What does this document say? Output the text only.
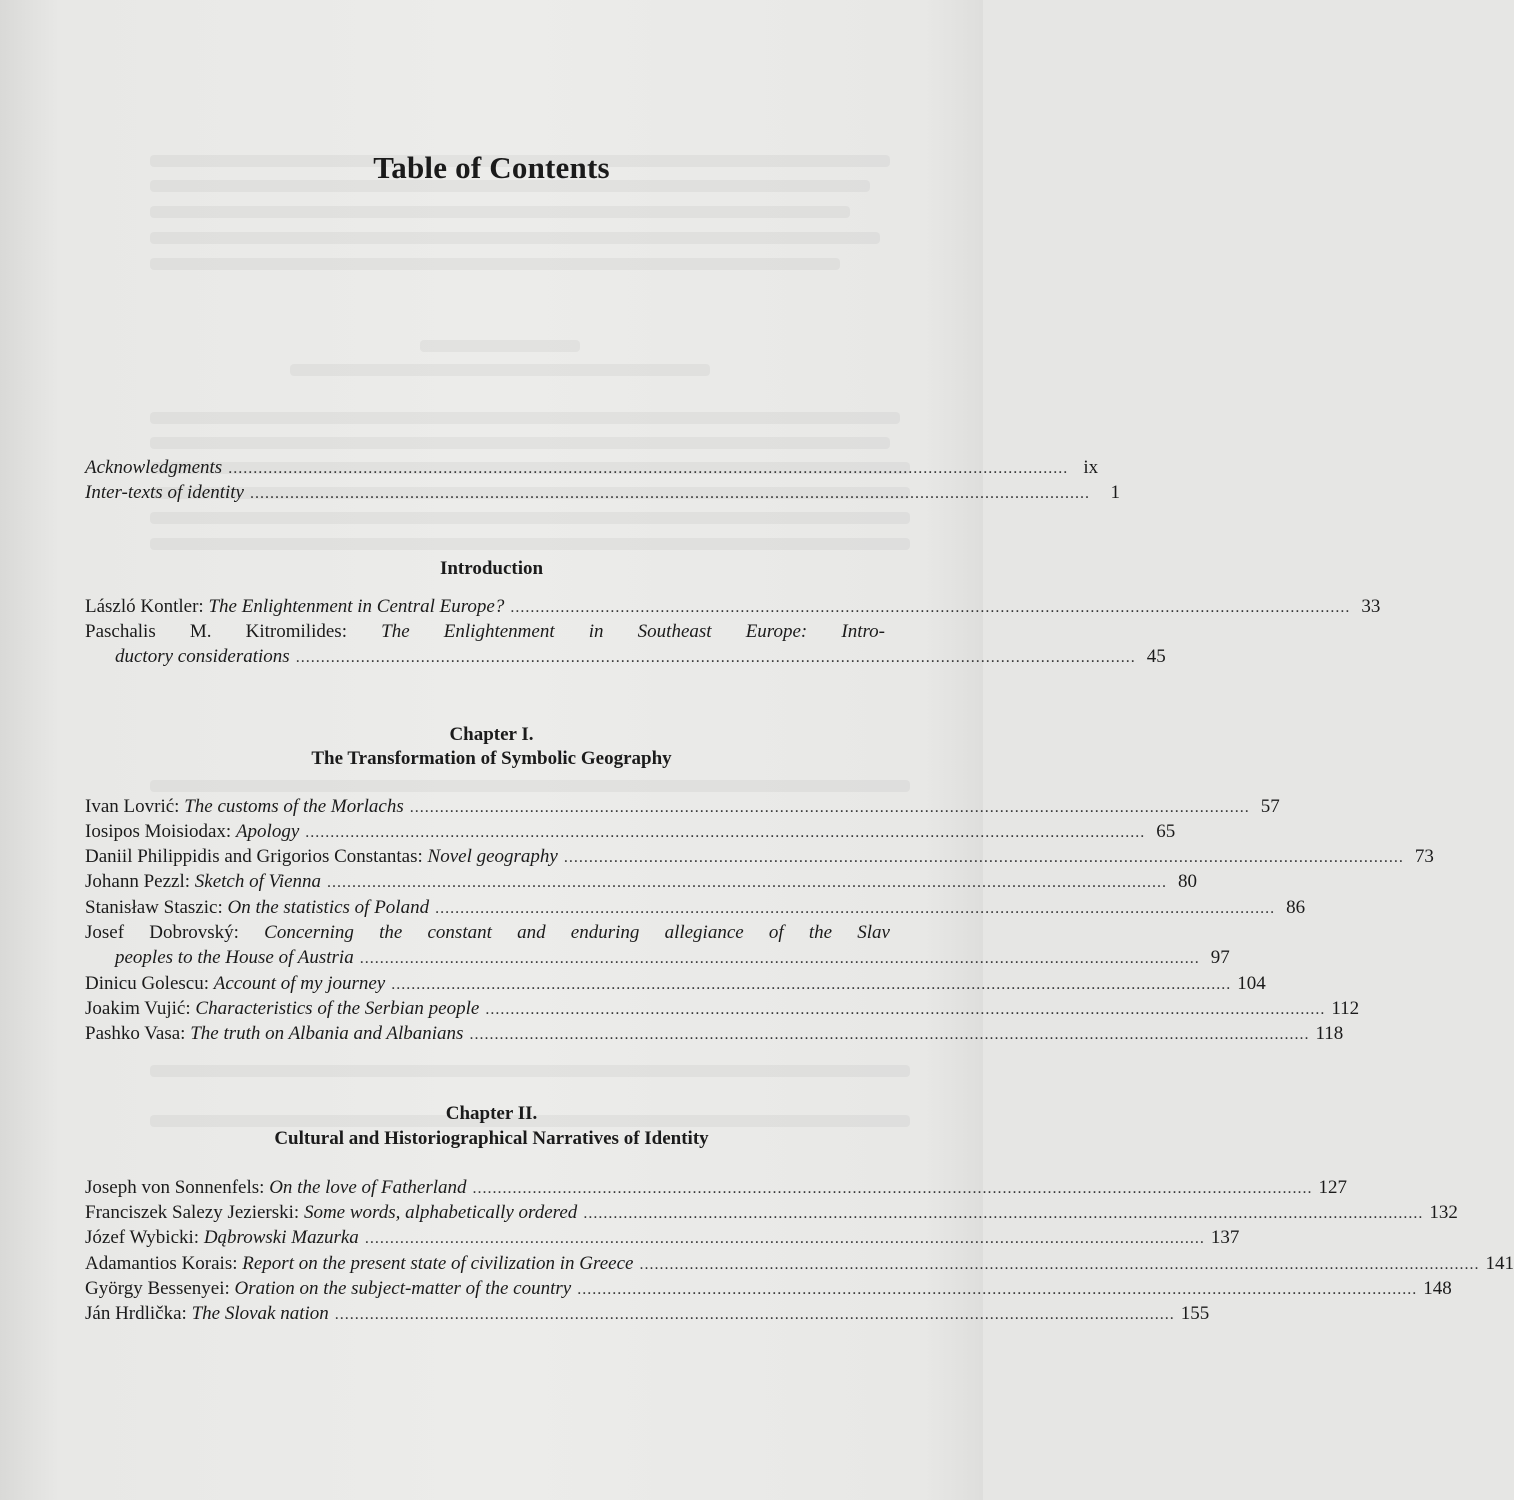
Table of Contents
Acknowledgments ........................................................................................................................................................................ ix
Inter-texts of identity ........................................................................................................................................................................	1
Introduction
László Kontler:
The Enlightenment in Central Europe? ........................................................................................................................................................................ 33
Paschalis M. Kitromilides: The Enlightenment in Southeast Europe: Intro-
ductory considerations ........................................................................................................................................................................ 45
Chapter I.
The Transformation of Symbolic Geography
Ivan Lovrić:
The customs of the Morlachs ........................................................................................................................................................................ 57
Iosipos Moisiodax:
Apology ........................................................................................................................................................................ 65
Daniil Philippidis and Grigorios Constantas:
Novel geography ........................................................................................................................................................................ 73
Johann Pezzl:
Sketch of Vienna ........................................................................................................................................................................ 80
Stanisław Staszic:
On the statistics of Poland ........................................................................................................................................................................ 86
Josef Dobrovský: Concerning the constant and enduring allegiance of the Slav
peoples to the House of Austria ........................................................................................................................................................................ 97
Dinicu Golescu:
Account of my journey ........................................................................................................................................................................ 104
Joakim Vujić:
Characteristics of the Serbian people ........................................................................................................................................................................ 112
Pashko Vasa:
The truth on Albania and Albanians ........................................................................................................................................................................ 118
Chapter II.
Cultural and Historiographical Narratives of Identity
Joseph von Sonnenfels:
On the love of Fatherland ........................................................................................................................................................................ 127
Franciszek Salezy Jezierski:
Some words, alphabetically ordered ........................................................................................................................................................................ 132
Józef Wybicki:
Dąbrowski Mazurka ........................................................................................................................................................................ 137
Adamantios Korais:
Report on the present state of civilization in Greece ........................................................................................................................................................................ 141
György Bessenyei:
Oration on the subject-matter of the country ........................................................................................................................................................................ 148
Ján Hrdlička:
The Slovak nation ........................................................................................................................................................................ 155
